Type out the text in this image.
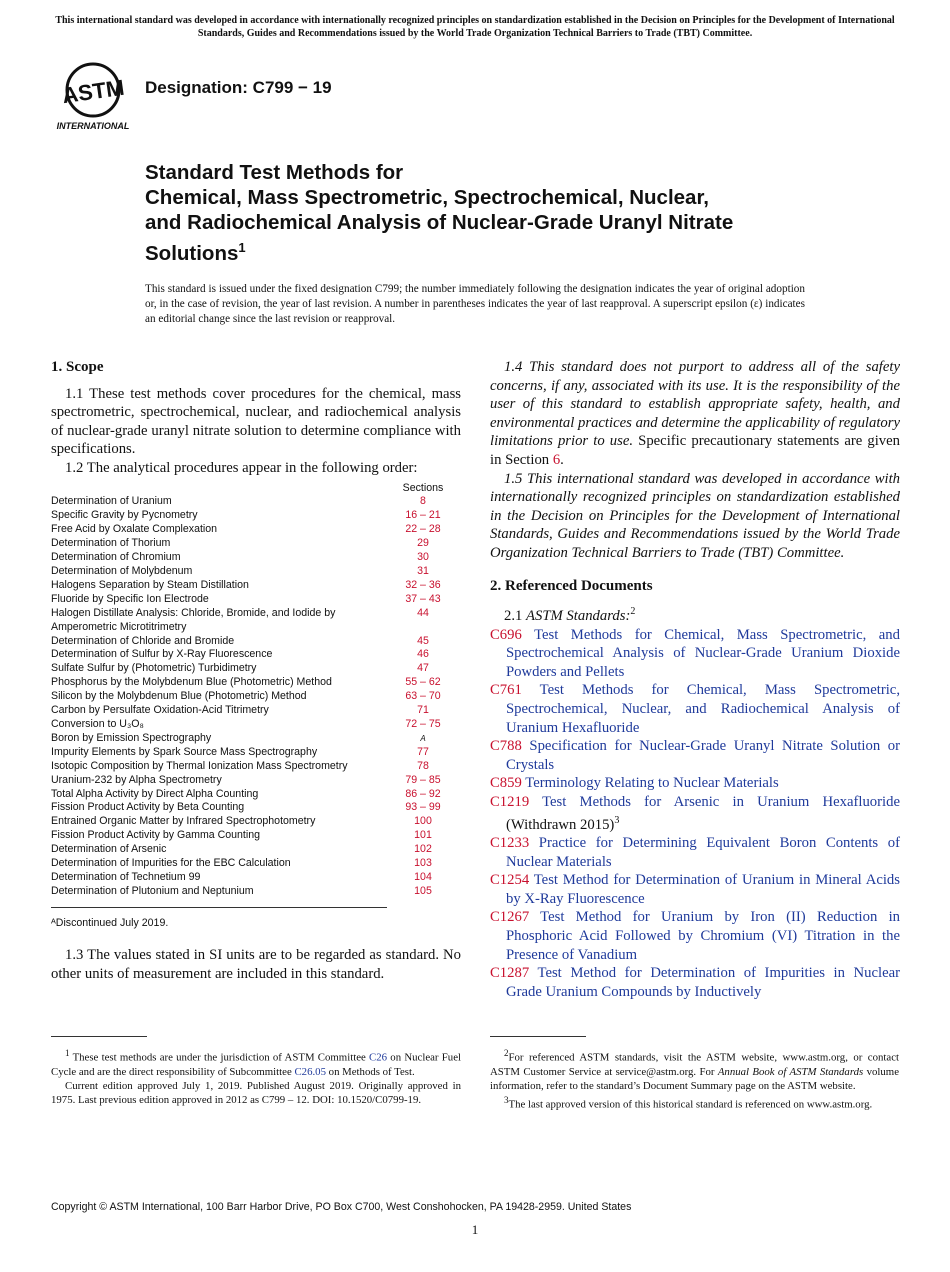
This international standard was developed in accordance with internationally recognized principles on standardization established in the Decision on Principles for the Development of International Standards, Guides and Recommendations issued by the World Trade Organization Technical Barriers to Trade (TBT) Committee.
ASTM
INTERNATIONAL
Designation: C799 − 19
Standard Test Methods for
Chemical, Mass Spectrometric, Spectrochemical, Nuclear,
and Radiochemical Analysis of Nuclear-Grade Uranyl Nitrate
Solutions$^1$
This standard is issued under the fixed designation C799; the number immediately following the designation indicates the year of original adoption or, in the case of revision, the year of last revision. A number in parentheses indicates the year of last reapproval. A superscript epsilon (ε) indicates an editorial change since the last revision or reapproval.

1. Scope

1.1 These test methods cover procedures for the chemical, mass spectrometric, spectrochemical, nuclear, and radiochemical analysis of nuclear-grade uranyl nitrate solution to determine compliance with specifications.

1.2 The analytical procedures appear in the following order:

	Sections
Determination of Uranium	8
Specific Gravity by Pycnometry	16 – 21
Free Acid by Oxalate Complexation	22 – 28
Determination of Thorium	29
Determination of Chromium	30
Determination of Molybdenum	31
Halogens Separation by Steam Distillation	32 – 36
Fluoride by Specific Ion Electrode	37 – 43
Halogen Distillate Analysis: Chloride, Bromide, and Iodide by	44
Amperometric Microtitrimetry	
Determination of Chloride and Bromide	45
Determination of Sulfur by X-Ray Fluorescence	46
Sulfate Sulfur by (Photometric) Turbidimetry	47
Phosphorus by the Molybdenum Blue (Photometric) Method	55 – 62
Silicon by the Molybdenum Blue (Photometric) Method	63 – 70
Carbon by Persulfate Oxidation-Acid Titrimetry	71
Conversion to U₃O₈	72 – 75
Boron by Emission Spectrography	A
Impurity Elements by Spark Source Mass Spectrography	77
Isotopic Composition by Thermal Ionization Mass Spectrometry	78
Uranium-232 by Alpha Spectrometry	79 – 85
Total Alpha Activity by Direct Alpha Counting	86 – 92
Fission Product Activity by Beta Counting	93 – 99
Entrained Organic Matter by Infrared Spectrophotometry	100
Fission Product Activity by Gamma Counting	101
Determination of Arsenic	102
Determination of Impurities for the EBC Calculation	103
Determination of Technetium 99	104
Determination of Plutonium and Neptunium	105

ᴬDiscontinued July 2019.

1.3 The values stated in SI units are to be regarded as standard. No other units of measurement are included in this standard.

1.4 This standard does not purport to address all of the safety concerns, if any, associated with its use. It is the responsibility of the user of this standard to establish appropriate safety, health, and environmental practices and determine the applicability of regulatory limitations prior to use. Specific precautionary statements are given in Section 6.

1.5 This international standard was developed in accordance with internationally recognized principles on standardization established in the Decision on Principles for the Development of International Standards, Guides and Recommendations issued by the World Trade Organization Technical Barriers to Trade (TBT) Committee.

2. Referenced Documents

2.1 ASTM Standards:$^2$

C696 Test Methods for Chemical, Mass Spectrometric, and Spectrochemical Analysis of Nuclear-Grade Uranium Dioxide Powders and Pellets

C761 Test Methods for Chemical, Mass Spectrometric, Spectrochemical, Nuclear, and Radiochemical Analysis of Uranium Hexafluoride

C788 Specification for Nuclear-Grade Uranyl Nitrate Solution or Crystals

C859 Terminology Relating to Nuclear Materials

C1219 Test Methods for Arsenic in Uranium Hexafluoride (Withdrawn 2015)$^3$

C1233 Practice for Determining Equivalent Boron Contents of Nuclear Materials

C1254 Test Method for Determination of Uranium in Mineral Acids by X-Ray Fluorescence

C1267 Test Method for Uranium by Iron (II) Reduction in Phosphoric Acid Followed by Chromium (VI) Titration in the Presence of Vanadium

C1287 Test Method for Determination of Impurities in Nuclear Grade Uranium Compounds by Inductively

$^1$ These test methods are under the jurisdiction of ASTM Committee C26 on Nuclear Fuel Cycle and are the direct responsibility of Subcommittee C26.05 on Methods of Test.

Current edition approved July 1, 2019. Published August 2019. Originally approved in 1975. Last previous edition approved in 2012 as C799 – 12. DOI: 10.1520/C0799-19.

$^2$For referenced ASTM standards, visit the ASTM website, www.astm.org, or contact ASTM Customer Service at service@astm.org. For Annual Book of ASTM Standards volume information, refer to the standard’s Document Summary page on the ASTM website.

$^3$The last approved version of this historical standard is referenced on www.astm.org.

Copyright © ASTM International, 100 Barr Harbor Drive, PO Box C700, West Conshohocken, PA 19428-2959. United States
1
